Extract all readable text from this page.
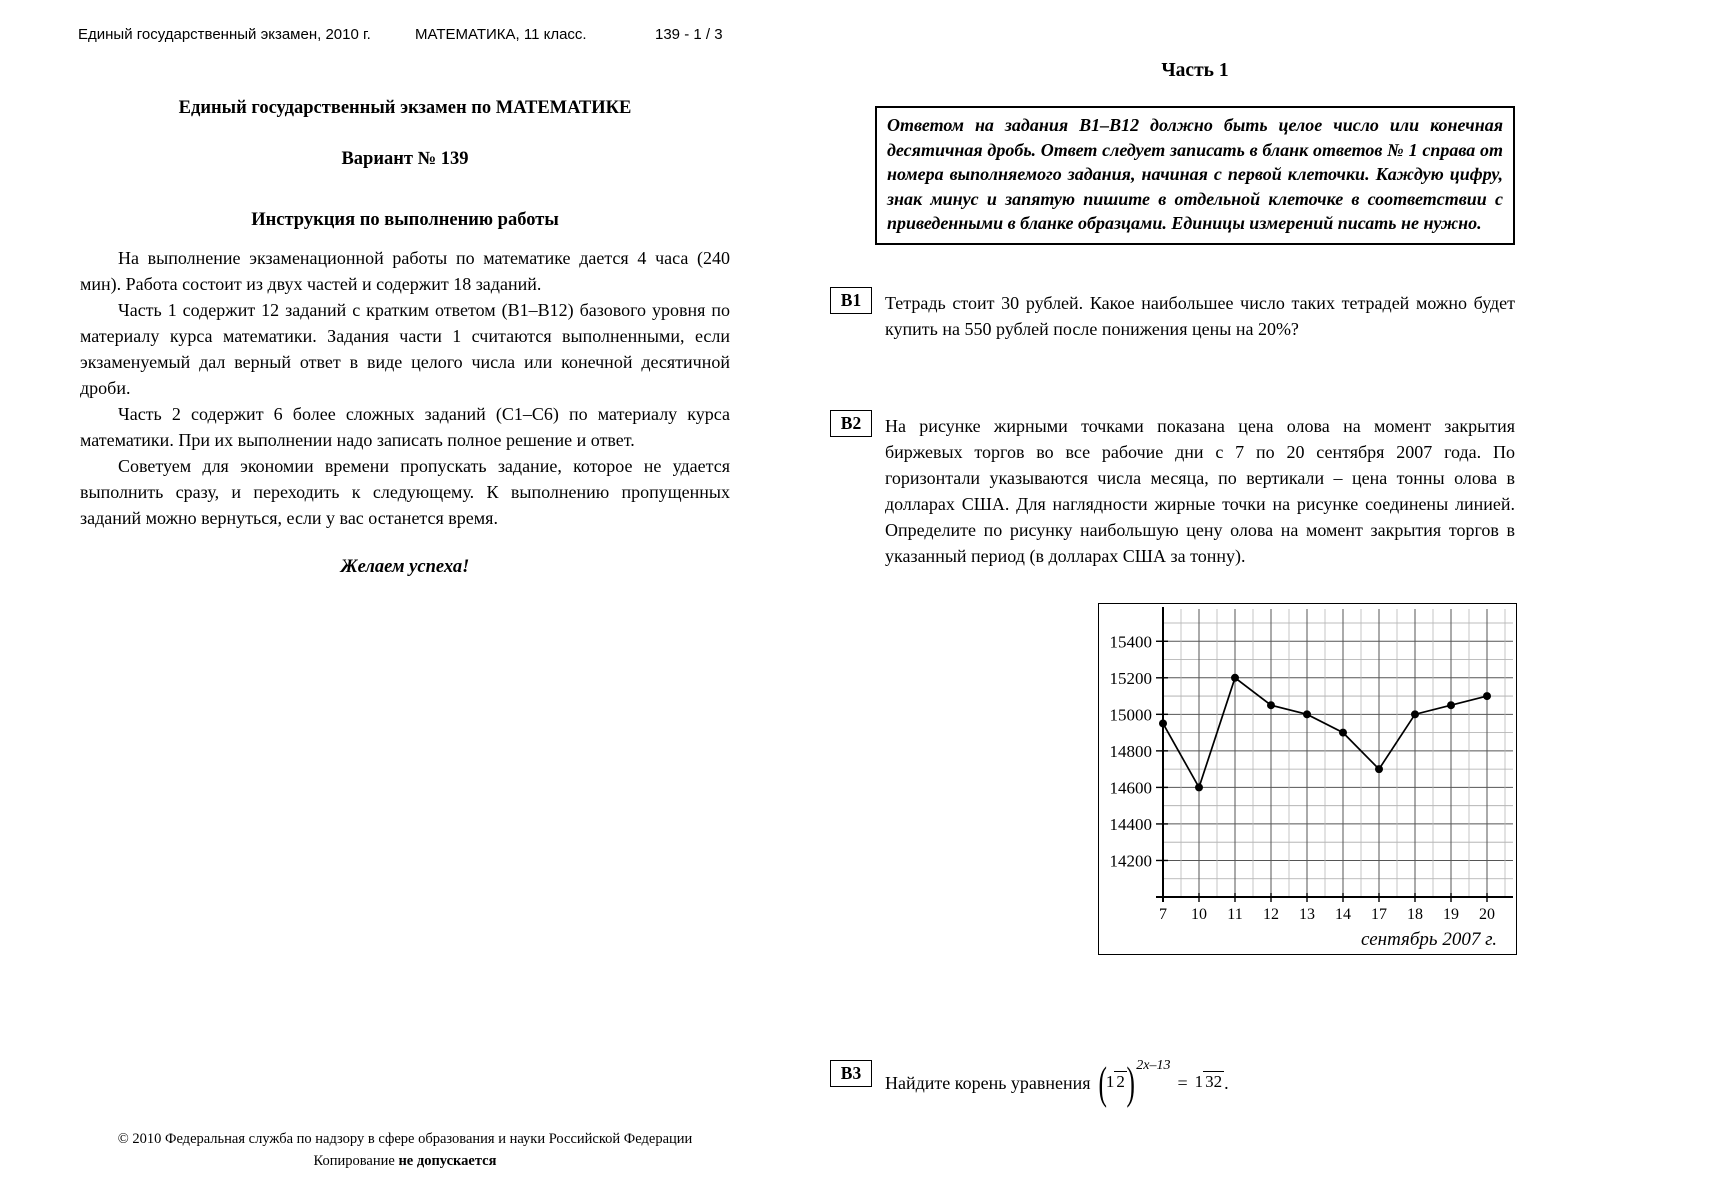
Единый государственный экзамен, 2010 г.	МАТЕМАТИКА, 11 класс.	139 - 1 / 3

Единый государственный экзамен по МАТЕМАТИКЕ

Вариант № 139

Инструкция по выполнению работы

На выполнение экзаменационной работы по математике дается 4 часа (240 мин). Работа состоит из двух частей и содержит 18 заданий.

Часть 1 содержит 12 заданий с кратким ответом (В1–В12) базового уровня по материалу курса математики. Задания части 1 считаются выполненными, если экзаменуемый дал верный ответ в виде целого числа или конечной десятичной дроби.

Часть 2 содержит 6 более сложных заданий (С1–С6) по материалу курса математики. При их выполнении надо записать полное решение и ответ.

Советуем для экономии времени пропускать задание, которое не удается выполнить сразу, и переходить к следующему. К выполнению пропущенных заданий можно вернуться, если у вас останется время.

Желаем успеха!

Часть 1

Ответом на задания В1–В12 должно быть целое число или конечная десятичная дробь. Ответ следует записать в бланк ответов № 1 справа от номера выполняемого задания, начиная с первой клеточки. Каждую цифру, знак минус и запятую пишите в отдельной клеточке в соответствии с приведенными в бланке образцами. Единицы измерений писать не нужно.

В1	Тетрадь стоит 30 рублей. Какое наибольшее число таких тетрадей можно будет купить на 550 рублей после понижения цены на 20%?

В2	На рисунке жирными точками показана цена олова на момент закрытия биржевых торгов во все рабочие дни с 7 по 20 сентября 2007 года. По горизонтали указываются числа месяца, по вертикали – цена тонны олова в долларах США. Для наглядности жирные точки на рисунке соединены линией. Определите по рисунку наибольшую цену олова на момент закрытия торгов в указанный период (в долларах США за тонну).

14200
14400
14600
14800
15000
15200
15400
7 10 11 12 13 14 17 18 19 20
сентябрь 2007 г.
В3	Найдите корень уравнения ( 1 2 ) 2x–13
= 1 32 .

© 2010 Федеральная служба по надзору в сфере образования и науки Российской Федерации
Копирование не допускается
